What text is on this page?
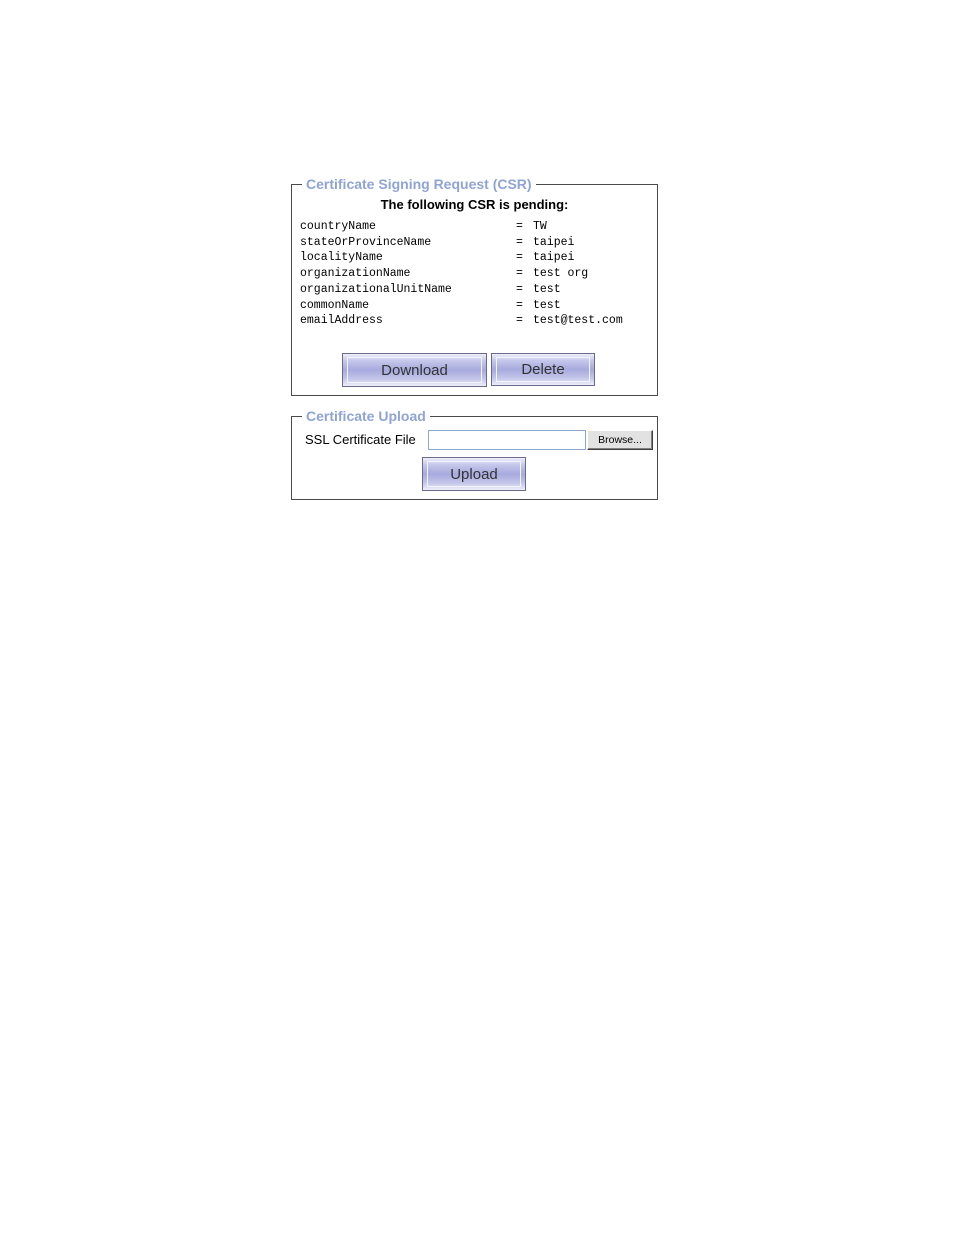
Certificate Signing Request (CSR)
The following CSR is pending:
countryName	=	TW
stateOrProvinceName	=	taipei
localityName	=	taipei
organizationName	=	test org
organizationalUnitName	=	test
commonName	=	test
emailAddress	=	test@test.com
Download	Delete
Certificate Upload
SSL Certificate File	Browse...
Upload
